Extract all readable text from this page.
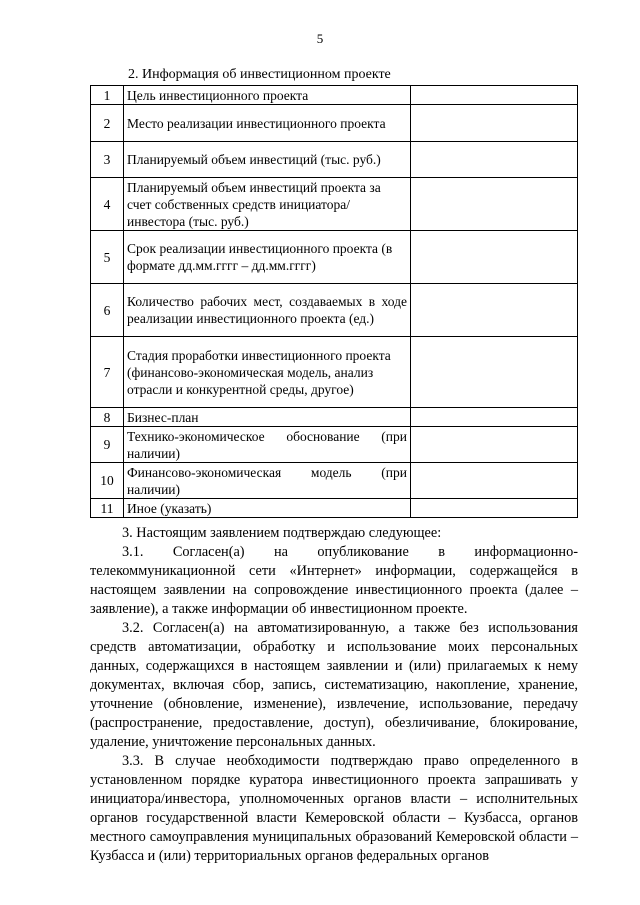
5
2. Информация об инвестиционном проекте
1	Цель инвестиционного проекта	
2	Место реализации инвестиционного проекта	
3	Планируемый объем инвестиций (тыс. руб.)	
4	Планируемый объем инвестиций проекта за счет собственных средств инициатора/инвестора (тыс. руб.)	
5	Срок реализации инвестиционного проекта (в формате дд.мм.гггг – дд.мм.гггг)	
6	Количество рабочих мест, создаваемых в ходе реализации инвестиционного проекта (ед.)	
7	Стадия проработки инвестиционного проекта (финансово-экономическая модель, анализ отрасли и конкурентной среды, другое)	
8	Бизнес-план	
9	Технико-экономическое обоснование (при наличии)	
10	Финансово-экономическая модель (при наличии)	
11	Иное (указать)	

3. Настоящим заявлением подтверждаю следующее:

3.1. Согласен(а) на опубликование в информационно-телекоммуникационной сети «Интернет» информации, содержащейся в настоящем заявлении на сопровождение инвестиционного проекта (далее – заявление), а также информации об инвестиционном проекте.

3.2. Согласен(а) на автоматизированную, а также без использования средств автоматизации, обработку и использование моих персональных данных, содержащихся в настоящем заявлении и (или) прилагаемых к нему документах, включая сбор, запись, систематизацию, накопление, хранение, уточнение (обновление, изменение), извлечение, использование, передачу (распространение, предоставление, доступ), обезличивание, блокирование, удаление, уничтожение персональных данных.

3.3. В случае необходимости подтверждаю право определенного в установленном порядке куратора инвестиционного проекта запрашивать у инициатора/инвестора, уполномоченных органов власти – исполнительных органов государственной власти Кемеровской области – Кузбасса, органов местного самоуправления муниципальных образований Кемеровской области – Кузбасса и (или) территориальных органов федеральных органов
